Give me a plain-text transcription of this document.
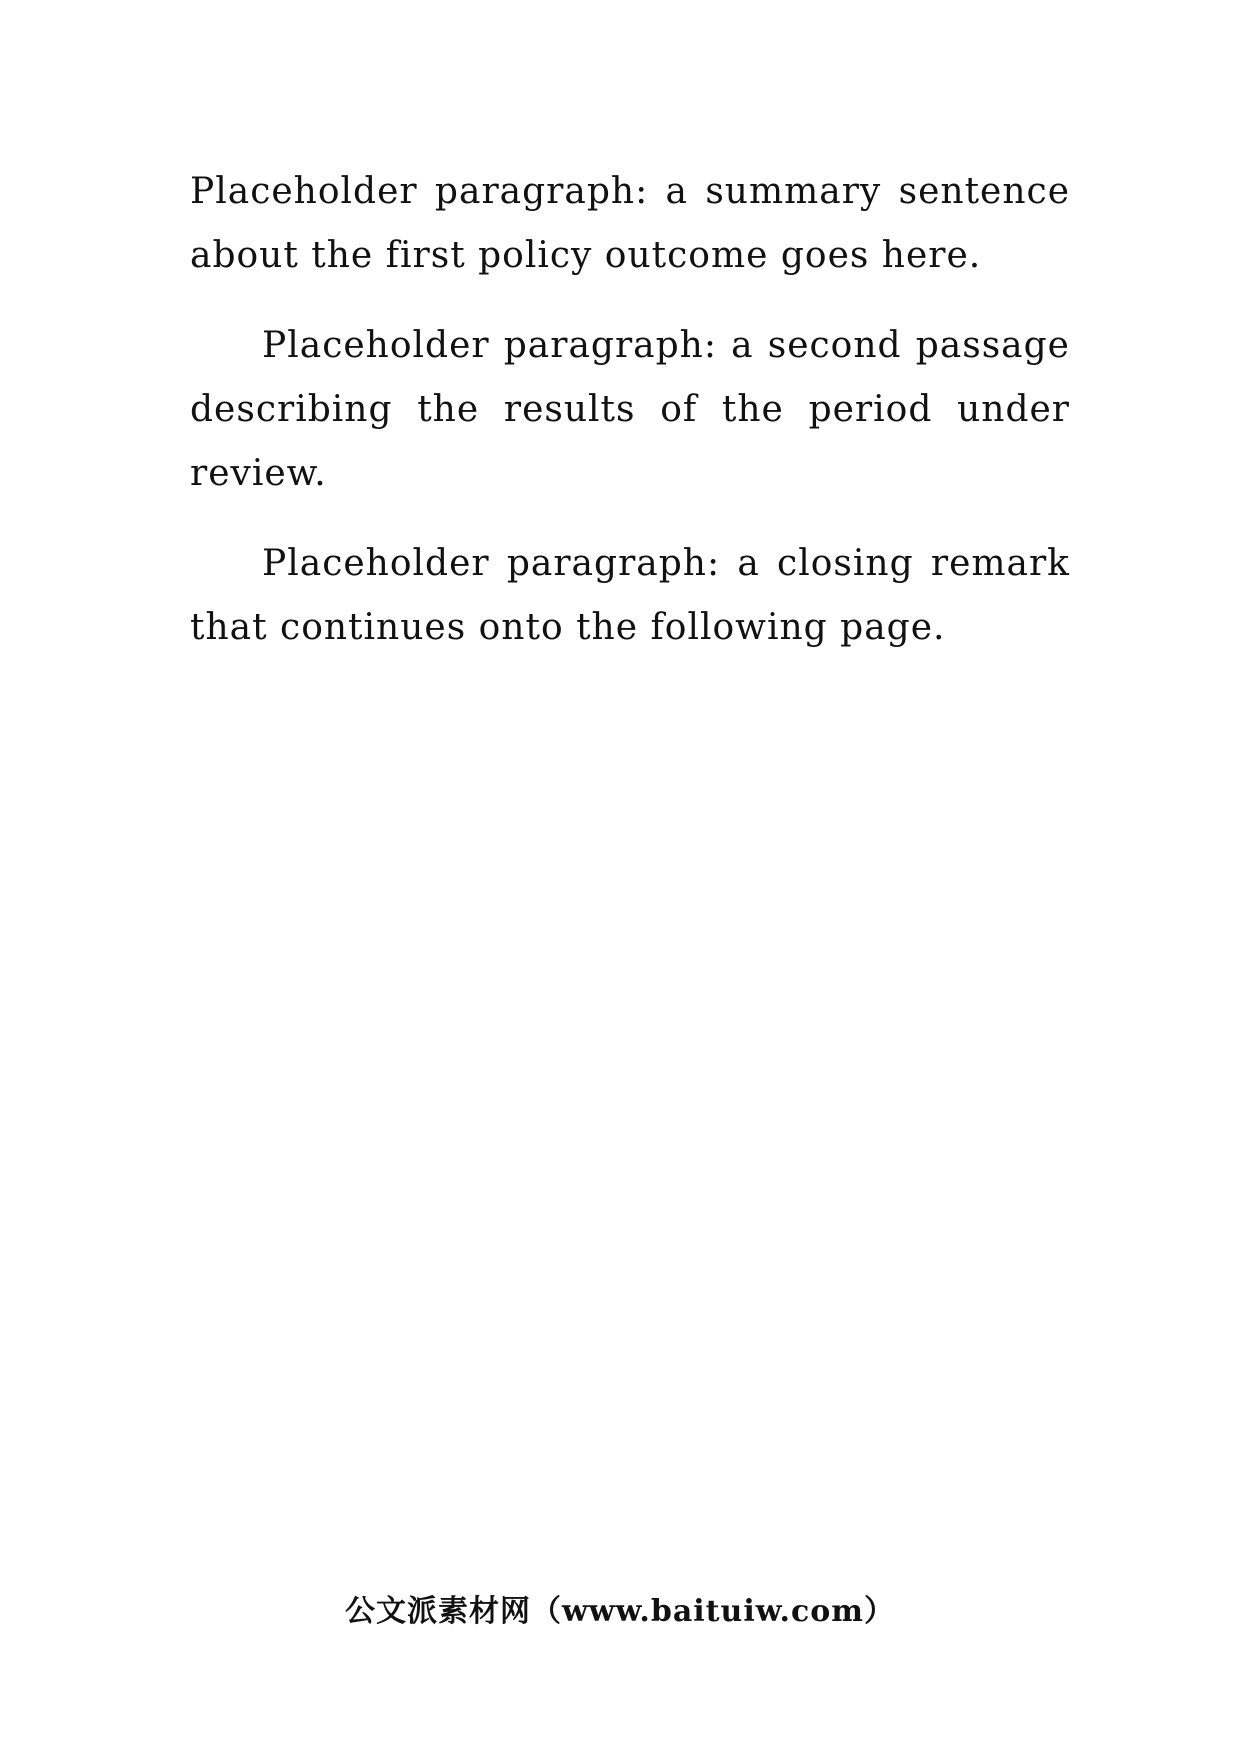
Placeholder paragraph: a summary sentence about the first policy outcome goes here.

Placeholder paragraph: a second passage describing the results of the period under review.

Placeholder paragraph: a closing remark that continues onto the following page.

公文派素材网（www.baituiw.com）
